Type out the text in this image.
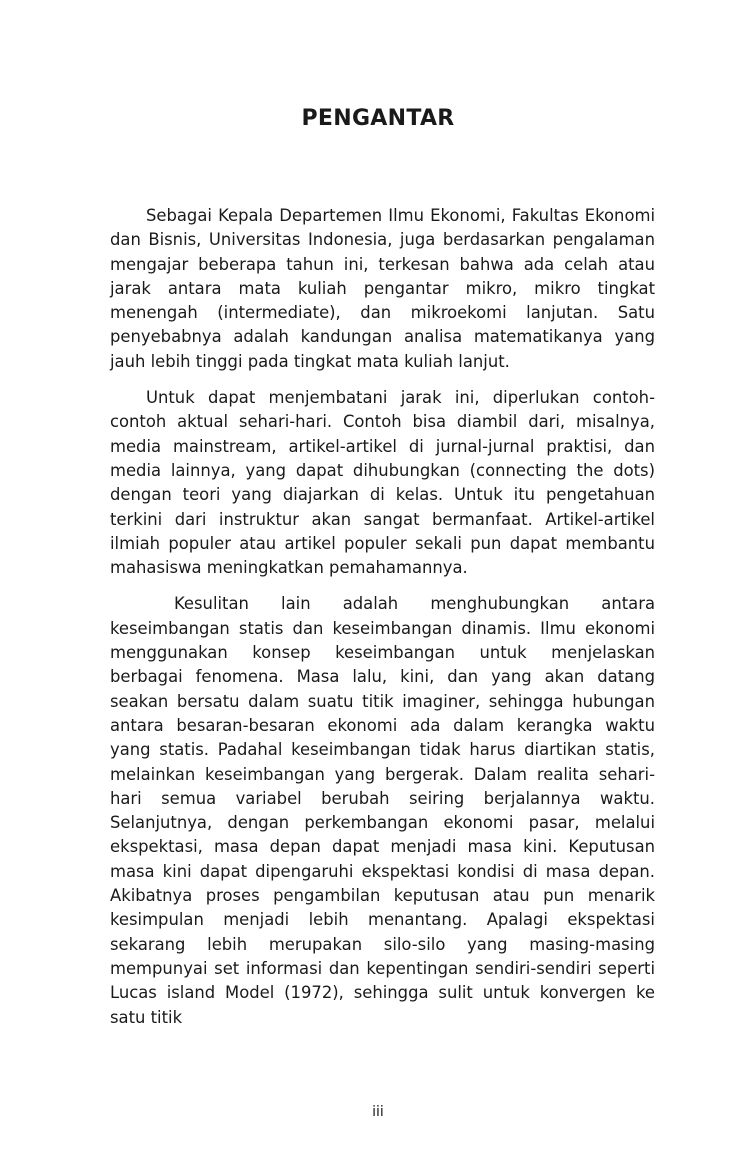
PENGANTAR

Sebagai Kepala Departemen Ilmu Ekonomi, Fakultas Ekonomi dan Bisnis, Universitas Indonesia, juga berdasarkan pengalaman mengajar beberapa tahun ini, terkesan bahwa ada celah atau jarak antara mata kuliah pengantar mikro, mikro tingkat menengah (intermediate), dan mikroekomi lanjutan. Satu penyebabnya adalah kandungan analisa matematikanya yang jauh lebih tinggi pada tingkat mata kuliah lanjut.

Untuk dapat menjembatani jarak ini, diperlukan contoh-contoh aktual sehari-hari. Contoh bisa diambil dari, misalnya, media mainstream, artikel-artikel di jurnal-jurnal praktisi, dan media lainnya, yang dapat dihubungkan (connecting the dots) dengan teori yang diajarkan di kelas. Untuk itu pengetahuan terkini dari instruktur akan sangat bermanfaat. Artikel-artikel ilmiah populer atau artikel populer sekali pun dapat membantu mahasiswa meningkatkan pemahamannya.

Kesulitan lain adalah menghubungkan antara keseimbangan statis dan keseimbangan dinamis. Ilmu ekonomi menggunakan konsep keseimbangan untuk menjelaskan berbagai fenomena. Masa lalu, kini, dan yang akan datang seakan bersatu dalam suatu titik imaginer, sehingga hubungan antara besaran-besaran ekonomi ada dalam kerangka waktu yang statis. Padahal keseimbangan tidak harus diartikan statis, melainkan keseimbangan yang bergerak. Dalam realita sehari-hari semua variabel berubah seiring berjalannya waktu. Selanjutnya, dengan perkembangan ekonomi pasar, melalui ekspektasi, masa depan dapat menjadi masa kini. Keputusan masa kini dapat dipengaruhi ekspektasi kondisi di masa depan. Akibatnya proses pengambilan keputusan atau pun menarik kesimpulan menjadi lebih menantang. Apalagi ekspektasi sekarang lebih merupakan silo-silo yang masing-masing mempunyai set informasi dan kepentingan sendiri-sendiri seperti Lucas island Model (1972), sehingga sulit untuk konvergen ke satu titik

iii
